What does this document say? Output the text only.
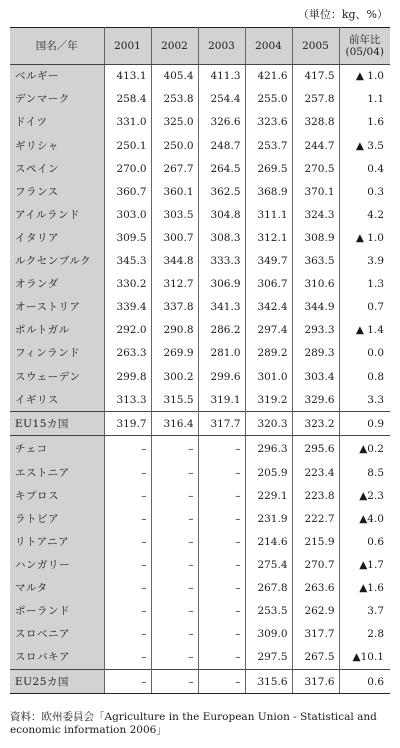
（単位：kg、%）
国名／年	2001	2002	2003	2004	2005	前年比
(05/04)
ベルギー	413.1	405.4	411.3	421.6	417.5	▲ 1.0
デンマーク	258.4	253.8	254.4	255.0	257.8	1.1
ドイツ	331.0	325.0	326.6	323.6	328.8	1.6
ギリシャ	250.1	250.0	248.7	253.7	244.7	▲ 3.5
スペイン	270.0	267.7	264.5	269.5	270.5	0.4
フランス	360.7	360.1	362.5	368.9	370.1	0.3
アイルランド	303.0	303.5	304.8	311.1	324.3	4.2
イタリア	309.5	300.7	308.3	312.1	308.9	▲ 1.0
ルクセンブルク	345.3	344.8	333.3	349.7	363.5	3.9
オランダ	330.2	312.7	306.9	306.7	310.6	1.3
オーストリア	339.4	337.8	341.3	342.4	344.9	0.7
ポルトガル	292.0	290.8	286.2	297.4	293.3	▲ 1.4
フィンランド	263.3	269.9	281.0	289.2	289.3	0.0
スウェーデン	299.8	300.2	299.6	301.0	303.4	0.8
イギリス	313.3	315.5	319.1	319.2	329.6	3.3
EU15カ国	319.7	316.4	317.7	320.3	323.2	0.9
チェコ	–	–	–	296.3	295.6	▲0.2
エストニア	–	–	–	205.9	223.4	8.5
キプロス	–	–	–	229.1	223.8	▲2.3
ラトビア	–	–	–	231.9	222.7	▲4.0
リトアニア	–	–	–	214.6	215.9	0.6
ハンガリー	–	–	–	275.4	270.7	▲1.7
マルタ	–	–	–	267.8	263.6	▲1.6
ポーランド	–	–	–	253.5	262.9	3.7
スロベニア	–	–	–	309.0	317.7	2.8
スロバキア	–	–	–	297.5	267.5	▲10.1
EU25カ国	–	–	–	315.6	317.6	0.6
資料：欧州委員会「Agriculture in the European Union - Statistical and economic information 2006」
